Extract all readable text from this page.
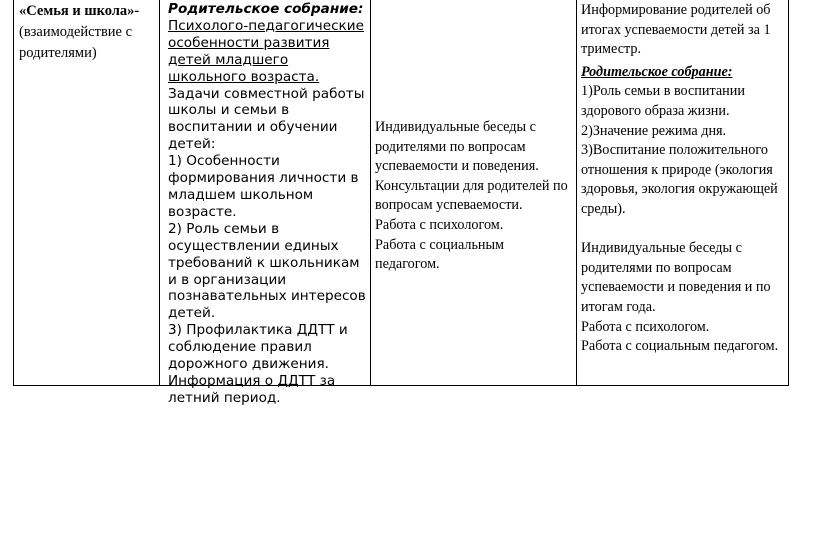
«Семья и школа»-

(взаимодействие с родителями)

Родительское собрание:

Психолого-педагогические особенности развития детей младшего школьного возраста.

Задачи совместной работы школы и семьи в воспитании и обучении детей:

1) Особенности формирования личности в младшем школьном возрасте.

2) Роль семьи в осуществлении единых требований к школьникам и в организации познавательных интересов детей.

3) Профилактика ДДТТ и соблюдение правил дорожного движения. Информация о ДДТТ за летний период.

Индивидуальные беседы с родителями по вопросам успеваемости и поведения.

Консультации для родителей по вопросам успеваемости.

Работа с психологом.

Работа с социальным педагогом.

Информирование родителей об итогах успеваемости детей за 1 триместр.

Родительское собрание:

1)Роль семьи в воспитании здорового образа жизни.

2)Значение режима дня.

3)Воспитание положительного отношения к природе (экология здоровья, экология окружающей среды).

Индивидуальные беседы с родителями по вопросам успеваемости и поведения и по итогам года.

Работа с психологом.

Работа с социальным педагогом.
